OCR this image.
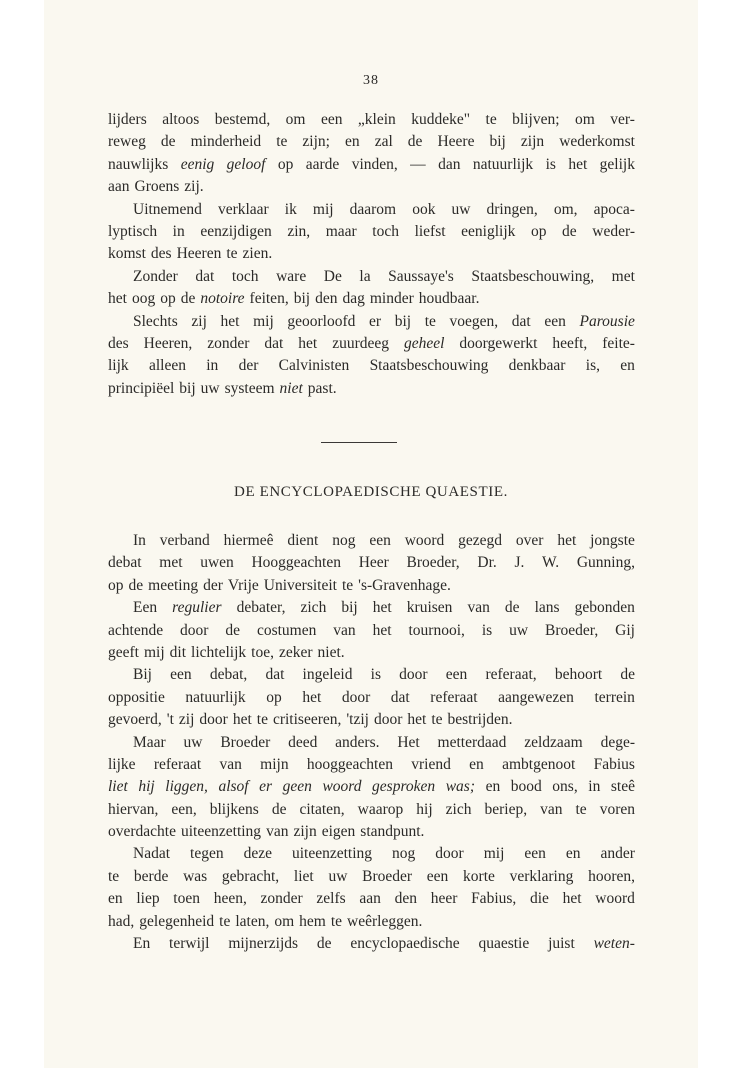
38
lijders altoos bestemd, om een „klein kuddeke" te blijven; om ver-
reweg de minderheid te zijn; en zal de Heere bij zijn wederkomst
nauwlijks eenig geloof op aarde vinden, — dan natuurlijk is het gelijk
aan Groens zij.
Uitnemend verklaar ik mij daarom ook uw dringen, om, apoca-
lyptisch in eenzijdigen zin, maar toch liefst eeniglijk op de weder-
komst des Heeren te zien.
Zonder dat toch ware De la Saussaye's Staatsbeschouwing, met
het oog op de notoire feiten, bij den dag minder houdbaar.
Slechts zij het mij geoorloofd er bij te voegen, dat een Parousie
des Heeren, zonder dat het zuurdeeg geheel doorgewerkt heeft, feite-
lijk alleen in der Calvinisten Staatsbeschouwing denkbaar is, en
principiëel bij uw systeem niet past.
DE ENCYCLOPAEDISCHE QUAESTIE.
In verband hiermeê dient nog een woord gezegd over het jongste
debat met uwen Hooggeachten Heer Broeder, Dr. J. W. Gunning,
op de meeting der Vrije Universiteit te 's-Gravenhage.
Een regulier debater, zich bij het kruisen van de lans gebonden
achtende door de costumen van het tournooi, is uw Broeder, Gij
geeft mij dit lichtelijk toe, zeker niet.
Bij een debat, dat ingeleid is door een referaat, behoort de
oppositie natuurlijk op het door dat referaat aangewezen terrein
gevoerd, 't zij door het te critiseeren, 'tzij door het te bestrijden.
Maar uw Broeder deed anders. Het metterdaad zeldzaam dege-
lijke referaat van mijn hooggeachten vriend en ambtgenoot Fabius
liet hij liggen, alsof er geen woord gesproken was; en bood ons, in steê
hiervan, een, blijkens de citaten, waarop hij zich beriep, van te voren
overdachte uiteenzetting van zijn eigen standpunt.
Nadat tegen deze uiteenzetting nog door mij een en ander
te berde was gebracht, liet uw Broeder een korte verklaring hooren,
en liep toen heen, zonder zelfs aan den heer Fabius, die het woord
had, gelegenheid te laten, om hem te weêrleggen.
En terwijl mijnerzijds de encyclopaedische quaestie juist weten-
